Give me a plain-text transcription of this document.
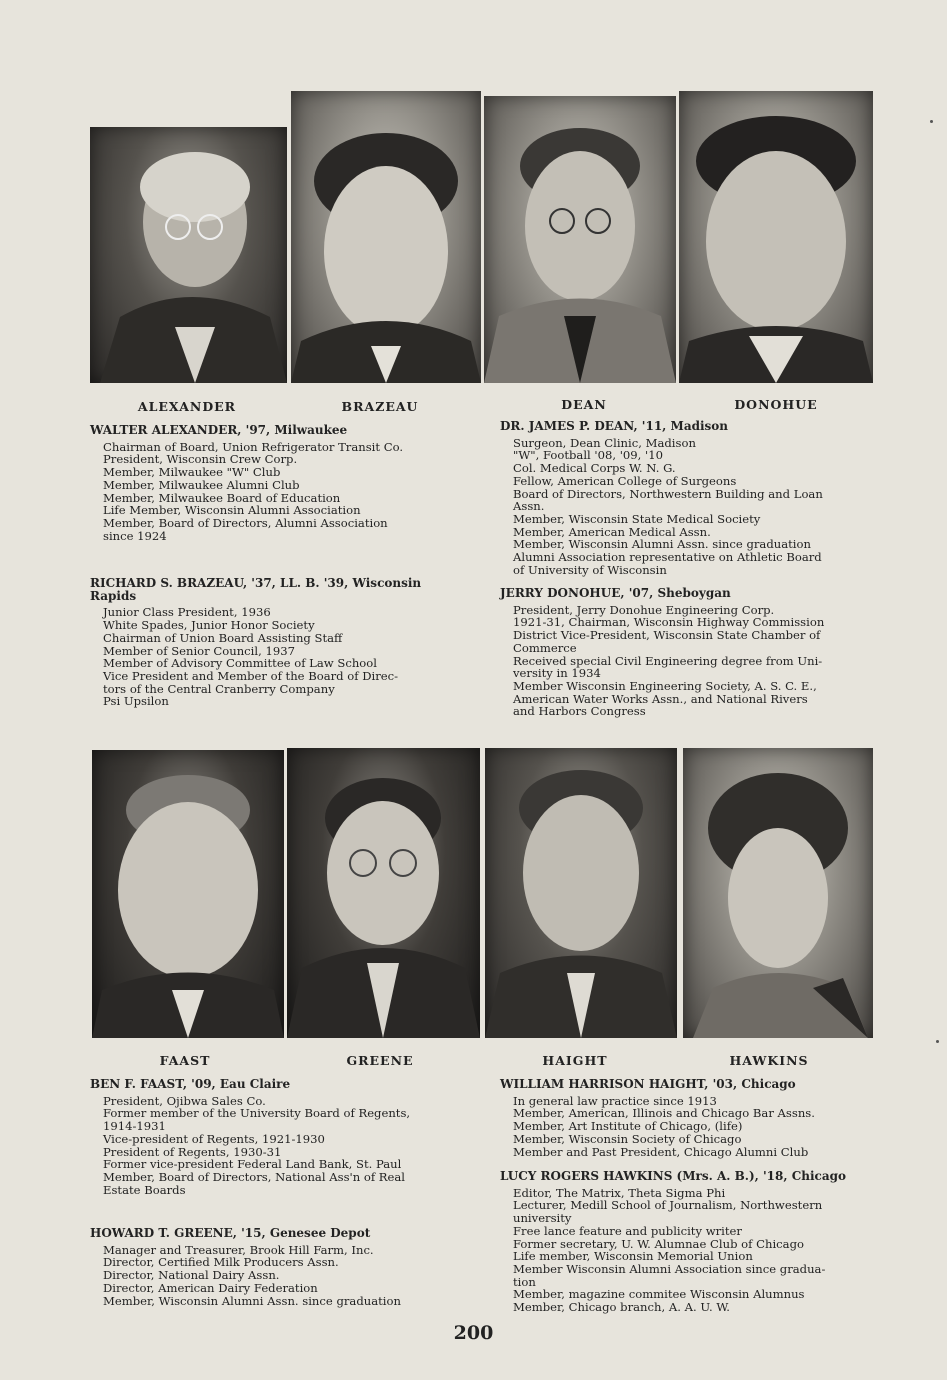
ALEXANDER	BRAZEAU	DEAN	DONOHUE
WALTER ALEXANDER, '97, Milwaukee
Chairman of Board, Union Refrigerator Transit Co.
President, Wisconsin Crew Corp.
Member, Milwaukee "W" Club
Member, Milwaukee Alumni Club
Member, Milwaukee Board of Education
Life Member, Wisconsin Alumni Association
Member, Board of Directors, Alumni Association
since 1924
RICHARD S. BRAZEAU, '37, LL. B. '39, Wisconsin Rapids
Junior Class President, 1936
White Spades, Junior Honor Society
Chairman of Union Board Assisting Staff
Member of Senior Council, 1937
Member of Advisory Committee of Law School
Vice President and Member of the Board of Direc-
tors of the Central Cranberry Company
Psi Upsilon
DR. JAMES P. DEAN, '11, Madison
Surgeon, Dean Clinic, Madison
"W", Football '08, '09, '10
Col. Medical Corps W. N. G.
Fellow, American College of Surgeons
Board of Directors, Northwestern Building and Loan
Assn.
Member, Wisconsin State Medical Society
Member, American Medical Assn.
Member, Wisconsin Alumni Assn. since graduation
Alumni Association representative on Athletic Board
of University of Wisconsin
JERRY DONOHUE, '07, Sheboygan
President, Jerry Donohue Engineering Corp.
1921-31, Chairman, Wisconsin Highway Commission
District Vice-President, Wisconsin State Chamber of
Commerce
Received special Civil Engineering degree from Uni-
versity in 1934
Member Wisconsin Engineering Society, A. S. C. E.,
American Water Works Assn., and National Rivers
and Harbors Congress
FAAST	GREENE	HAIGHT	HAWKINS
BEN F. FAAST, '09, Eau Claire
President, Ojibwa Sales Co.
Former member of the University Board of Regents,
1914-1931
Vice-president of Regents, 1921-1930
President of Regents, 1930-31
Former vice-president Federal Land Bank, St. Paul
Member, Board of Directors, National Ass'n of Real
Estate Boards
HOWARD T. GREENE, '15, Genesee Depot
Manager and Treasurer, Brook Hill Farm, Inc.
Director, Certified Milk Producers Assn.
Director, National Dairy Assn.
Director, American Dairy Federation
Member, Wisconsin Alumni Assn. since graduation
WILLIAM HARRISON HAIGHT, '03, Chicago
In general law practice since 1913
Member, American, Illinois and Chicago Bar Assns.
Member, Art Institute of Chicago, (life)
Member, Wisconsin Society of Chicago
Member and Past President, Chicago Alumni Club
LUCY ROGERS HAWKINS (Mrs. A. B.), '18, Chicago
Editor, The Matrix, Theta Sigma Phi
Lecturer, Medill School of Journalism, Northwestern
university
Free lance feature and publicity writer
Former secretary, U. W. Alumnae Club of Chicago
Life member, Wisconsin Memorial Union
Member Wisconsin Alumni Association since gradua-
tion
Member, magazine commitee Wisconsin Alumnus
Member, Chicago branch, A. A. U. W.
200
